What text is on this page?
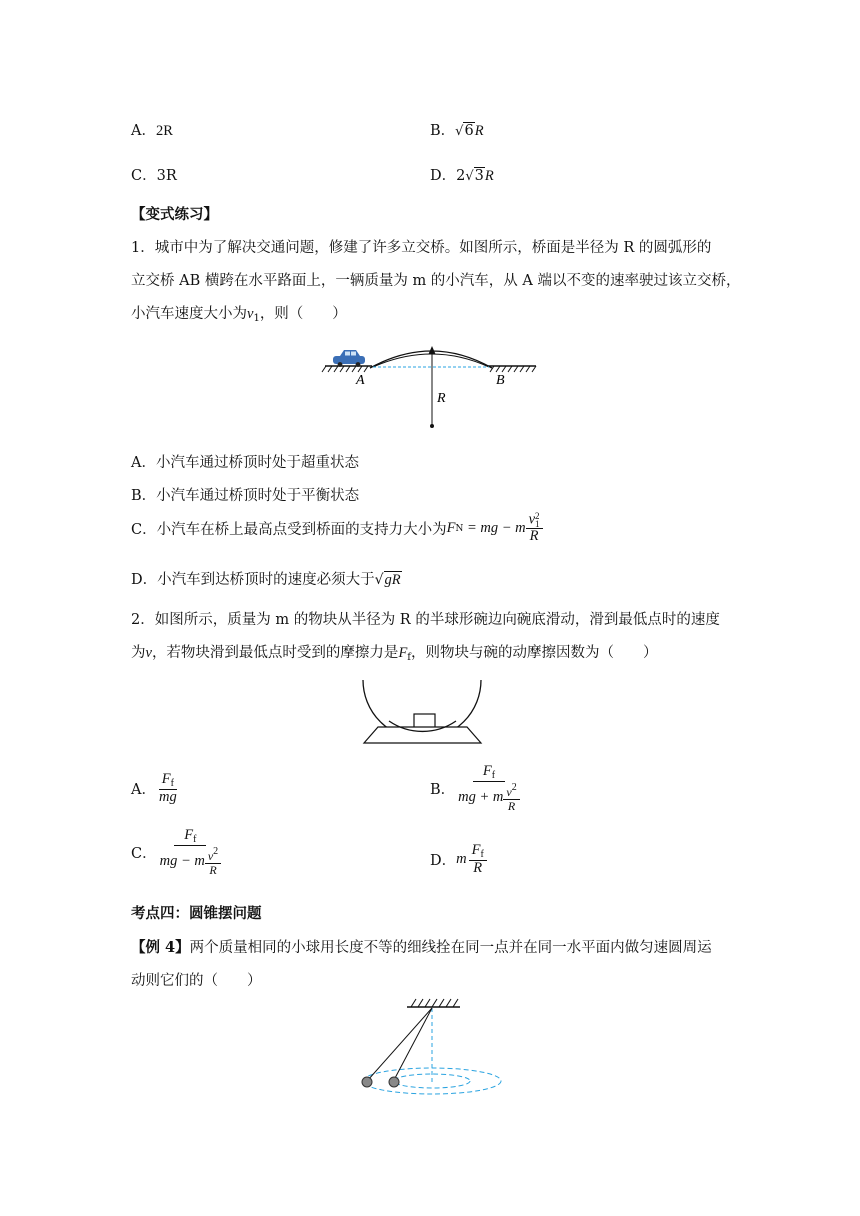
A．2R	B．√6R
C．3R	D．2√3R
【变式练习】
1．城市中为了解决交通问题，修建了许多立交桥。如图所示，桥面是半径为 R 的圆弧形的
立交桥 AB 横跨在水平路面上，一辆质量为 m 的小汽车，从 A 端以不变的速率驶过该立交桥，
小汽车速度大小为$v_1$，则（　　）
A	B
R
A．小汽车通过桥顶时处于超重状态
B．小汽车通过桥顶时处于平衡状态
C．小汽车在桥上最高点受到桥面的支持力大小为 F N = mg − m v 2
1
R
D．小汽车到达桥顶时的速度必须大于√gR
2．如图所示，质量为 m 的物块从半径为 R 的半球形碗边向碗底滑动，滑到最低点时的速度
为v，若物块滑到最低点时受到的摩擦力是$F_f$，则物块与碗的动摩擦因数为（　　）
A． $\frac{F_f}{mg}$	B． $\frac{F_f}{mg + m \frac{v^2}{R}}$
C． $\frac{F_f}{mg - m \frac{v^2}{R}}$	D． m $\frac{F_f}{R}$
考点四：圆锥摆问题
【例 4】两个质量相同的小球用长度不等的细线拴在同一点并在同一水平面内做匀速圆周运
动则它们的（　　）
